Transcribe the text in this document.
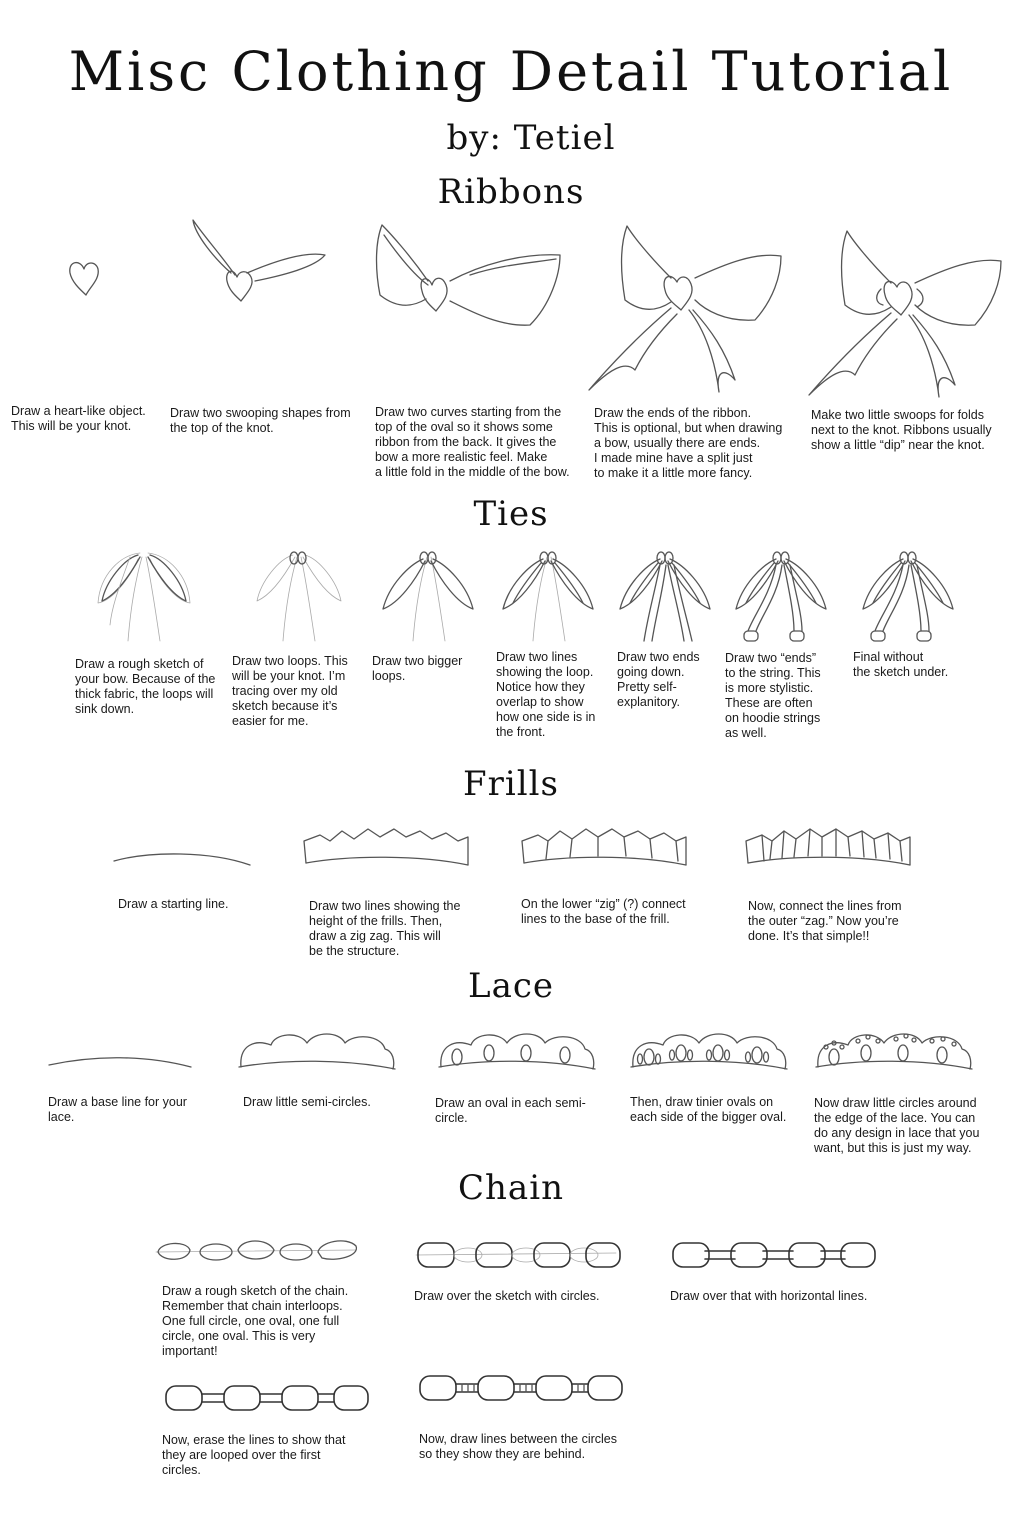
Misc Clothing Detail Tutorial
by: Tetiel
Ribbons
Draw a heart-like object.
This will be your knot.
Draw two swooping shapes from
the top of the knot.
Draw two curves starting from the
top of the oval so it shows some
ribbon from the back. It gives the
bow a more realistic feel. Make
a little fold in the middle of the bow.
Draw the ends of the ribbon.
This is optional, but when drawing
a bow, usually there are ends.
I made mine have a split just
to make it a little more fancy.
Make two little swoops for folds
next to the knot. Ribbons usually
show a little “dip” near the knot.
Ties
Draw a rough sketch of
your bow. Because of the
thick fabric, the loops will
sink down.
Draw two loops. This
will be your knot. I’m
tracing over my old
sketch because it’s
easier for me.
Draw two bigger
loops.
Draw two lines
showing the loop.
Notice how they
overlap to show
how one side is in
the front.
Draw two ends
going down.
Pretty self-
explanitory.
Draw two “ends”
to the string. This
is more stylistic.
These are often
on hoodie strings
as well.
Final without
the sketch under.
Frills
Draw a starting line.	Draw two lines showing the
height of the frills. Then,
draw a zig zag. This will
be the structure.
On the lower “zig” (?) connect
lines to the base of the frill.
Now, connect the lines from
the outer “zag.” Now you’re
done. It’s that simple!!
Lace
Draw a base line for your
lace.
Draw little semi-circles.	Draw an oval in each semi-
circle.
Then, draw tinier ovals on
each side of the bigger oval.
Now draw little circles around
the edge of the lace. You can
do any design in lace that you
want, but this is just my way.
Chain
Draw a rough sketch of the chain.
Remember that chain interloops.
One full circle, one oval, one full
circle, one oval. This is very
important!
Draw over the sketch with circles.	Draw over that with horizontal lines.
Now, erase the lines to show that
they are looped over the first
circles.
Now, draw lines between the circles
so they show they are behind.
